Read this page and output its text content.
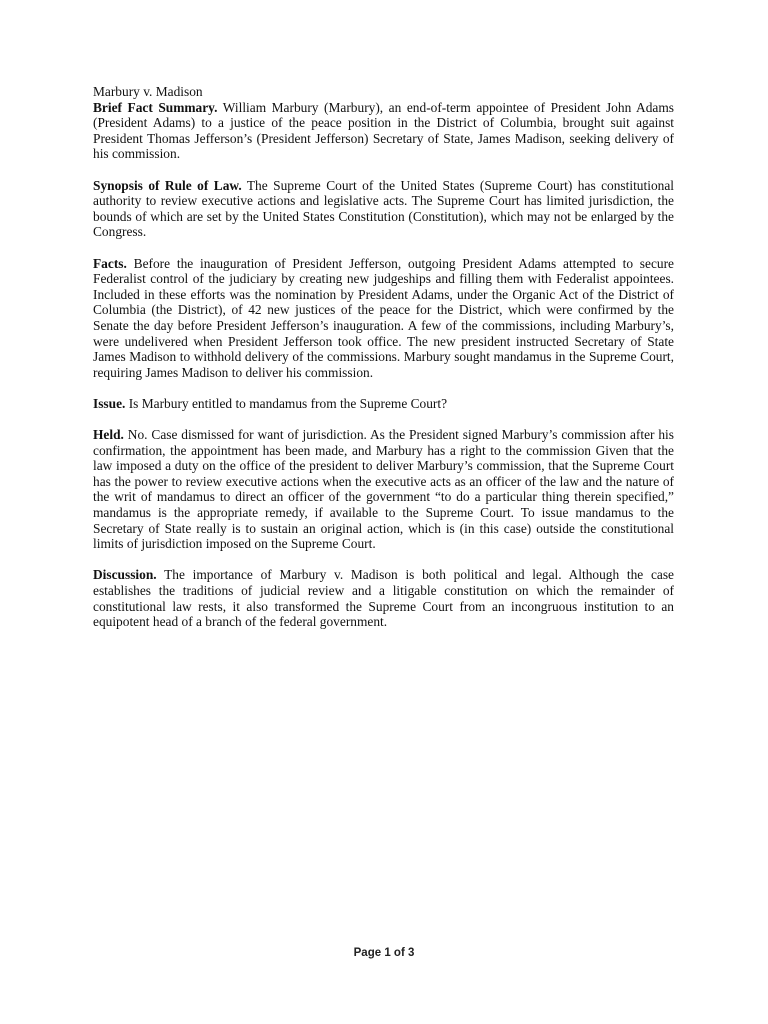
Marbury v. Madison

Brief Fact Summary. William Marbury (Marbury), an end-of-term appointee of President John Adams (President Adams) to a justice of the peace position in the District of Columbia, brought suit against President Thomas Jefferson’s (President Jefferson) Secretary of State, James Madison, seeking delivery of his commission.

Synopsis of Rule of Law. The Supreme Court of the United States (Supreme Court) has constitutional authority to review executive actions and legislative acts. The Supreme Court has limited jurisdiction, the bounds of which are set by the United States Constitution (Constitution), which may not be enlarged by the Congress.

Facts. Before the inauguration of President Jefferson, outgoing President Adams attempted to secure Federalist control of the judiciary by creating new judgeships and filling them with Federalist appointees. Included in these efforts was the nomination by President Adams, under the Organic Act of the District of Columbia (the District), of 42 new justices of the peace for the District, which were confirmed by the Senate the day before President Jefferson’s inauguration. A few of the commissions, including Marbury’s, were undelivered when President Jefferson took office. The new president instructed Secretary of State James Madison to withhold delivery of the commissions. Marbury sought mandamus in the Supreme Court, requiring James Madison to deliver his commission.

Issue. Is Marbury entitled to mandamus from the Supreme Court?

Held. No. Case dismissed for want of jurisdiction. As the President signed Marbury’s commission after his confirmation, the appointment has been made, and Marbury has a right to the commission Given that the law imposed a duty on the office of the president to deliver Marbury’s commission, that the Supreme Court has the power to review executive actions when the executive acts as an officer of the law and the nature of the writ of mandamus to direct an officer of the government “to do a particular thing therein specified,” mandamus is the appropriate remedy, if available to the Supreme Court. To issue mandamus to the Secretary of State really is to sustain an original action, which is (in this case) outside the constitutional limits of jurisdiction imposed on the Supreme Court.

Discussion. The importance of Marbury v. Madison is both political and legal. Although the case establishes the traditions of judicial review and a litigable constitution on which the remainder of constitutional law rests, it also transformed the Supreme Court from an incongruous institution to an equipotent head of a branch of the federal government.

Page 1 of 3
